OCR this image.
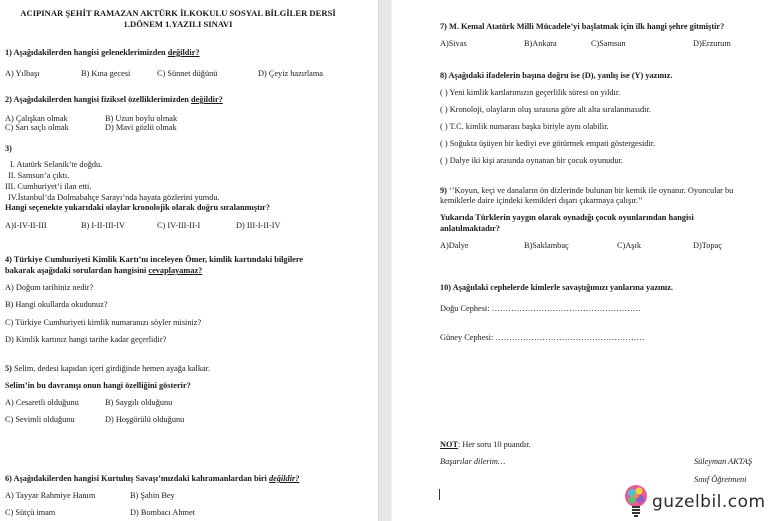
ACIPINAR ŞEHİT RAMAZAN AKTÜRK İLKOKULU SOSYAL BİLGİLER DERSİ
1.DÖNEM 1.YAZILI SINAVI
1) Aşağıdakilerden hangisi geleneklerimizden değildir?
A) Yılbaşı	B) Kına gecesi	C) Sünnet düğünü	D) Çeyiz hazırlama
2) Aşağıdakilerden hangisi fiziksel özelliklerimizden değildir?
A) Çalışkan olmak	B) Uzun boylu olmak
C) Sarı saçlı olmak	D) Mavi gözlü olmak
3)
I. Atatürk Selanik’te doğdu.
II. Samsun’a çıktı.
III. Cumhuriyet’i ilan etti.
IV.İstanbul’da Dolmabahçe Sarayı’nda hayata gözlerini yumdu.
Hangi seçenekte yukarıdaki olaylar kronolojik olarak doğru sıralanmıştır?
A)I-IV-II-III	B) I-II-III-IV	C) IV-III-II-I	D) III-I-II-IV
4) Türkiye Cumhuriyeti Kimlik Kartı’nı inceleyen Ömer, kimlik kartındaki bilgilere
bakarak aşağıdaki sorulardan hangisini cevaplayamaz?
A) Doğum tarihiniz nedir?
B) Hangi okullarda okudunuz?
C) Türkiye Cumhuriyeti kimlik numaranızı söyler misiniz?
D) Kimlik kartınız hangi tarihe kadar geçerlidir?
5) Selim, dedesi kapıdan içeri girdiğinde hemen ayağa kalkar.
Selim’in bu davranışı onun hangi özelliğini gösterir?
A) Cesaretli olduğunu	B) Saygılı olduğunu
C) Sevimli olduğunu	D) Hoşgörülü olduğunu
6) Aşağıdakilerden hangisi Kurtuluş Savaşı’mızdaki kahramanlardan biri değildir?
A) Tayyar Rahmiye Hanım	B) Şahin Bey
C) Sütçü imam	D) Bombacı Ahmet
7) M. Kemal Atatürk Milli Mücadele’yi başlatmak için ilk hangi şehre gitmiştir?
A)Sivas	B)Ankara	C)Samsun	D)Erzurum
8) Aşağıdaki ifadelerin başına doğru ise (D), yanlış ise (Y) yazınız.
( ) Yeni kimlik kartlarımızın geçerlilik süresi on yıldır.
( ) Kronoloji, olayların oluş sırasına göre alt alta sıralanmasıdır.
( ) T.C. kimlik numarası başka biriyle aynı olabilir.
( ) Soğukta üşüyen bir kediyi eve götürmek empati göstergesidir.
( ) Dalye iki kişi arasında oynanan bir çocuk oyunudur.
9) ‘’Koyun, keçi ve danaların ön dizlerinde bulunan bir kemik ile oynanır. Oyuncular bu
kemiklerle daire içindeki kemikleri dışarı çıkarmaya çalışır.’’
Yukarıda Türklerin yaygın olarak oynadığı çocuk oyunlarından hangisi
anlatılmaktadır?
A)Dalye	B)Saklambaç	C)Aşık	D)Topaç
10) Aşağıdaki cephelerde kimlerle savaştığımızı yanlarına yazınız.
Doğu Cephesi: ………………………………………………
Güney Cephesi: ………………………………………………
NOT: Her soru 10 puandır.
Başarılar dilerim…	Süleyman AKTAŞ
Sınıf Öğretmeni
guzelbil.com
